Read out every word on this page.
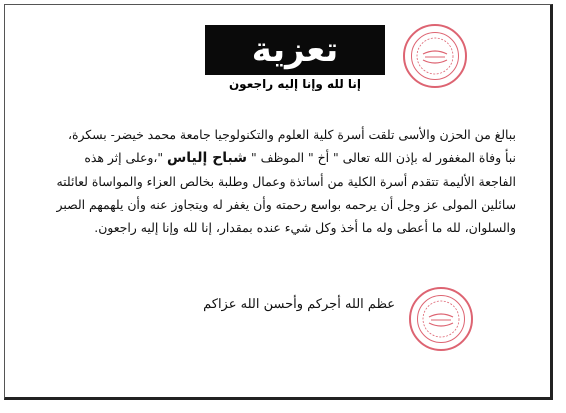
تعزية
إنا لله وإنا إليه راجعون

ببالغ من الحزن والأسى تلقت أسرة كلية العلوم والتكنولوجيا جامعة محمد خيضر- بسكرة،
نبأ وفاة المغفور له بإذن الله تعالى " أخ " الموظف " شباح إلياس "،وعلى إثر هذه
الفاجعة الأليمة تتقدم أسرة الكلية من أساتذة وعمال وطلبة بخالص العزاء والمواساة لعائلته
سائلين المولى عز وجل أن يرحمه بواسع رحمته وأن يغفر له ويتجاوز عنه وأن يلهمهم الصبر
والسلوان، لله ما أعطى وله ما أخذ وكل شيء عنده بمقدار، إنا لله وإنا إليه راجعون.

عظم الله أجركم وأحسن الله عزاكم
